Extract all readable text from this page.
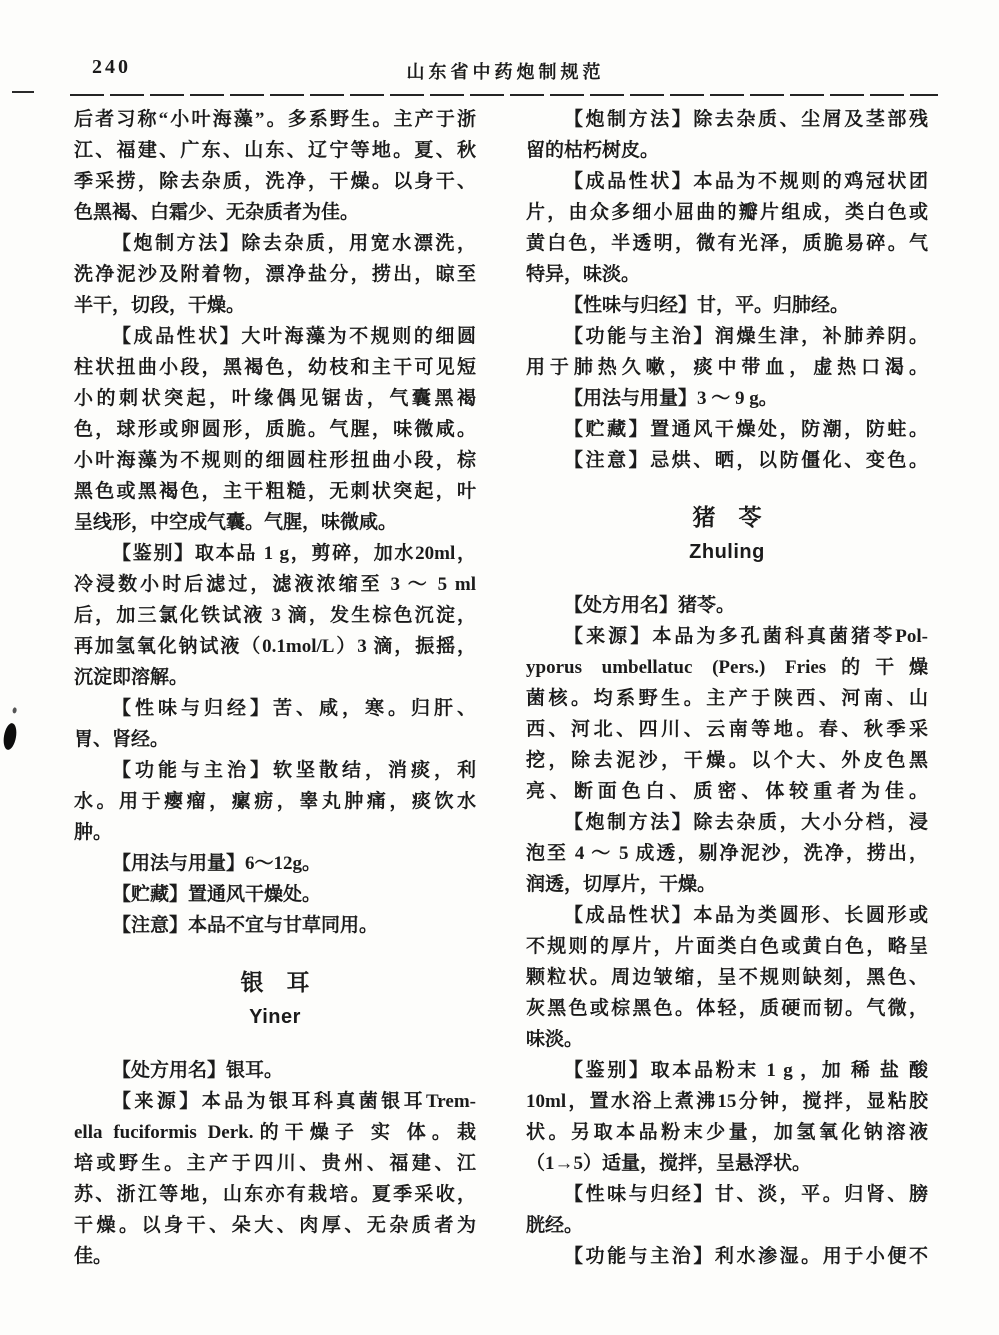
240	山东省中药炮制规范
后者习称“小叶海藻”。多系野生。主产于浙
江、福建、广东、山东、辽宁等地。夏、秋
季采捞，除去杂质，洗净，干燥。以身干、
色黑褐、白霜少、无杂质者为佳。
【炮制方法】除去杂质，用宽水漂洗，
洗净泥沙及附着物，漂净盐分，捞出，晾至
半干，切段，干燥。
【成品性状】大叶海藻为不规则的细圆
柱状扭曲小段，黑褐色，幼枝和主干可见短
小的刺状突起，叶缘偶见锯齿，气囊黑褐
色，球形或卵圆形，质脆。气腥，味微咸。
小叶海藻为不规则的细圆柱形扭曲小段，棕
黑色或黑褐色，主干粗糙，无刺状突起，叶
呈线形，中空成气囊。气腥，味微咸。
【鉴别】取本品 1 g，剪碎，加水20ml，
冷浸数小时后滤过，滤液浓缩至 3 ～ 5 ml
后，加三氯化铁试液 3 滴，发生棕色沉淀，
再加氢氧化钠试液（0.1mol/L）3 滴，振摇，
沉淀即溶解。
【性味与归经】苦、咸，寒。归肝、
胃、肾经。
【功能与主治】软坚散结，消痰，利
水。用于瘿瘤，瘰疬，睾丸肿痛，痰饮水
肿。
【用法与用量】6～12g。
【贮藏】置通风干燥处。
【注意】本品不宜与甘草同用。
银　耳
Yiner
【处方用名】银耳。
【来源】本品为银耳科真菌银耳Trem-
ella fuciformis Derk.的干燥子 实 体。栽
培或野生。主产于四川、贵州、福建、江
苏、浙江等地，山东亦有栽培。夏季采收，
干燥。以身干、朵大、肉厚、无杂质者为
佳。
【炮制方法】除去杂质、尘屑及茎部残
留的枯朽树皮。
【成品性状】本品为不规则的鸡冠状团
片，由众多细小屈曲的瓣片组成，类白色或
黄白色，半透明，微有光泽，质脆易碎。气
特异，味淡。
【性味与归经】甘，平。归肺经。
【功能与主治】润燥生津，补肺养阴。
用于肺热久嗽，痰中带血，虚热口渴。
【用法与用量】3 ～ 9 g。
【贮藏】置通风干燥处，防潮，防蛀。
【注意】忌烘、晒，以防僵化、变色。
猪　苓
Zhuling
【处方用名】猪苓。
【来源】本品为多孔菌科真菌猪苓Pol-
yporus umbellatuc (Pers.) Fries的干燥
菌核。均系野生。主产于陕西、河南、山
西、河北、四川、云南等地。春、秋季采
挖，除去泥沙，干燥。以个大、外皮色黑
亮、断面色白、质密、体较重者为佳。
【炮制方法】除去杂质，大小分档，浸
泡至 4 ～ 5 成透，剔净泥沙，洗净，捞出，
润透，切厚片，干燥。
【成品性状】本品为类圆形、长圆形或
不规则的厚片，片面类白色或黄白色，略呈
颗粒状。周边皱缩，呈不规则缺刻，黑色、
灰黑色或棕黑色。体轻，质硬而韧。气微，
味淡。
【鉴别】取本品粉末 1 g ，加 稀 盐 酸
10ml，置水浴上煮沸15分钟，搅拌，显粘胶
状。另取本品粉末少量，加氢氧化钠溶液
（1→5）适量，搅拌，呈悬浮状。
【性味与归经】甘、淡，平。归肾、膀
胱经。
【功能与主治】利水渗湿。用于小便不
